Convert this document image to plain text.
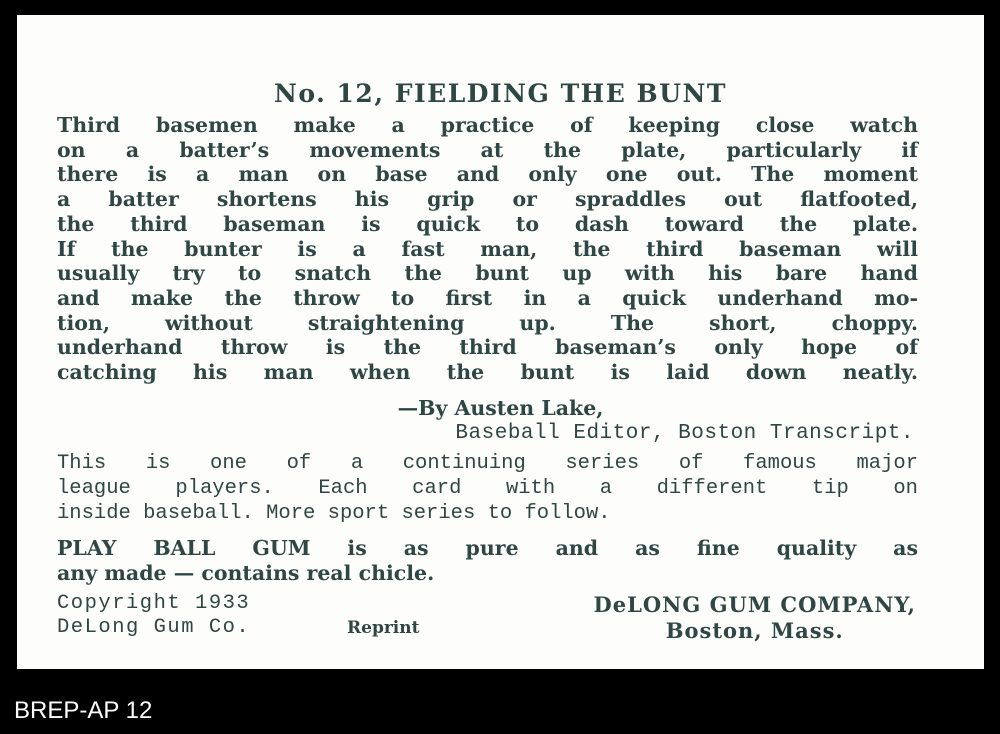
No. 12, FIELDING THE BUNT

Third basemen make a practice of keeping close watch
on a batter’s movements at the plate, particularly if
there is a man on base and only one out. The moment
a batter shortens his grip or spraddles out flatfooted,
the third baseman is quick to dash toward the plate.
If the bunter is a fast man, the third baseman will
usually try to snatch the bunt up with his bare hand
and make the throw to first in a quick underhand mo-
tion, without straightening up. The short, choppy.
underhand throw is the third baseman’s only hope of
catching his man when the bunt is laid down neatly.

—By Austen Lake,

Baseball Editor, Boston Transcript.

This is one of a continuing series of famous major
league players. Each card with a different tip on
inside baseball. More sport series to follow.

PLAY BALL GUM is as pure and as fine quality as
any made — contains real chicle.

Copyright 1933
DeLong Gum Co.	Reprint

DeLONG GUM COMPANY,
Boston, Mass.

BREP-AP 12
